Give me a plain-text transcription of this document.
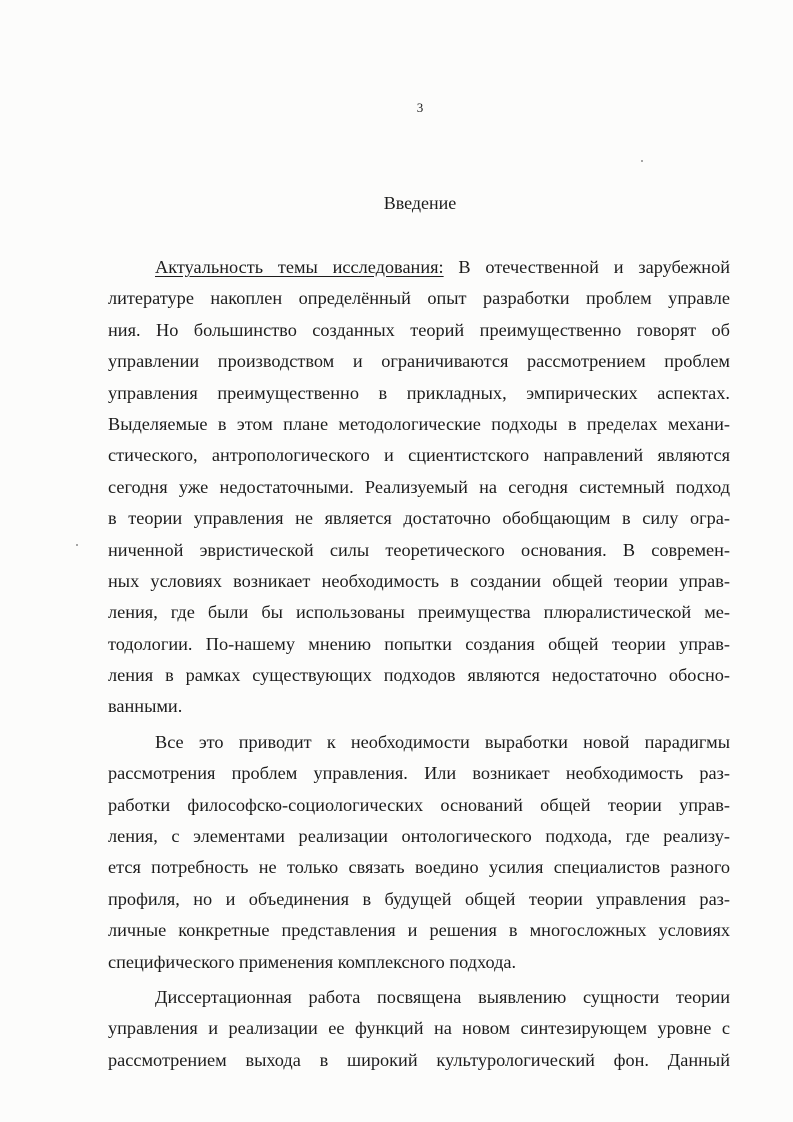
3
Введение
Актуальность темы исследования: В отечественной и зарубежной
литературе накоплен определённый опыт разработки проблем управле
ния. Но большинство созданных теорий преимущественно говорят об
управлении производством и ограничиваются рассмотрением проблем
управления преимущественно в прикладных, эмпирических аспектах.
Выделяемые в этом плане методологические подходы в пределах механи-
стического, антропологического и сциентистского направлений являются
сегодня уже недостаточными. Реализуемый на сегодня системный подход
в теории управления не является достаточно обобщающим в силу огра-
ниченной эвристической силы теоретического основания. В современ-
ных условиях возникает необходимость в создании общей теории управ-
ления, где были бы использованы преимущества плюралистической ме-
тодологии. По-нашему мнению попытки создания общей теории управ-
ления в рамках существующих подходов являются недостаточно обосно-
ванными.
Все это приводит к необходимости выработки новой парадигмы
рассмотрения проблем управления. Или возникает необходимость раз-
работки философско-социологических оснований общей теории управ-
ления, с элементами реализации онтологического подхода, где реализу-
ется потребность не только связать воедино усилия специалистов разного
профиля, но и объединения в будущей общей теории управления раз-
личные конкретные представления и решения в многосложных условиях
специфического применения комплексного подхода.
Диссертационная работа посвящена выявлению сущности теории
управления и реализации ее функций на новом синтезирующем уровне с
рассмотрением выхода в широкий культурологический фон. Данный
